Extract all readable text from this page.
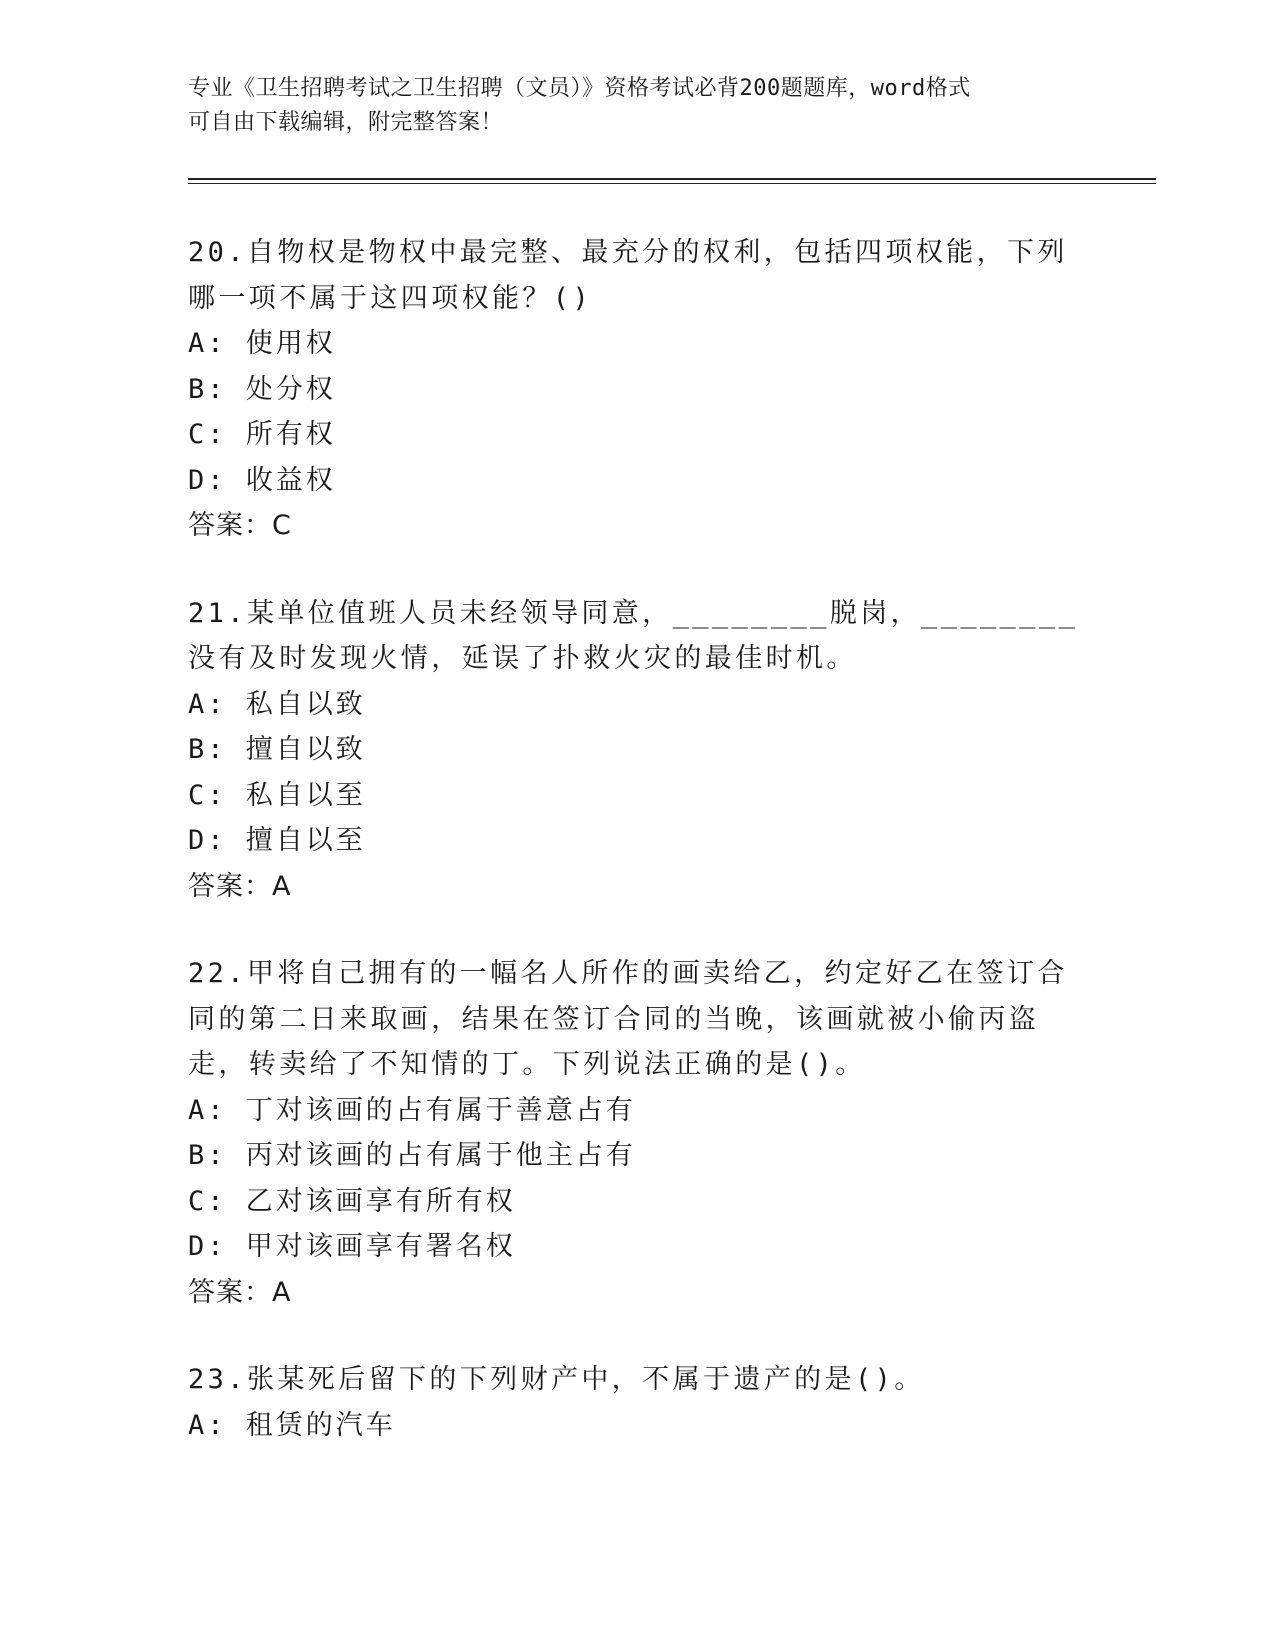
专业《卫生招聘考试之卫生招聘（文员）》资格考试必背200题题库，word格式
可自由下载编辑，附完整答案！
20.自物权是物权中最完整、最充分的权利，包括四项权能，下列哪一项不属于这四项权能？()
A: 使用权
B: 处分权
C: 所有权
D: 收益权
答案：C
21.某单位值班人员未经领导同意，________脱岗，________没有及时发现火情，延误了扑救火灾的最佳时机。
A: 私自以致
B: 擅自以致
C: 私自以至
D: 擅自以至
答案：A
22.甲将自己拥有的一幅名人所作的画卖给乙，约定好乙在签订合同的第二日来取画，结果在签订合同的当晚，该画就被小偷丙盗走，转卖给了不知情的丁。下列说法正确的是()。
A: 丁对该画的占有属于善意占有
B: 丙对该画的占有属于他主占有
C: 乙对该画享有所有权
D: 甲对该画享有署名权
答案：A
23.张某死后留下的下列财产中，不属于遗产的是()。
A: 租赁的汽车
